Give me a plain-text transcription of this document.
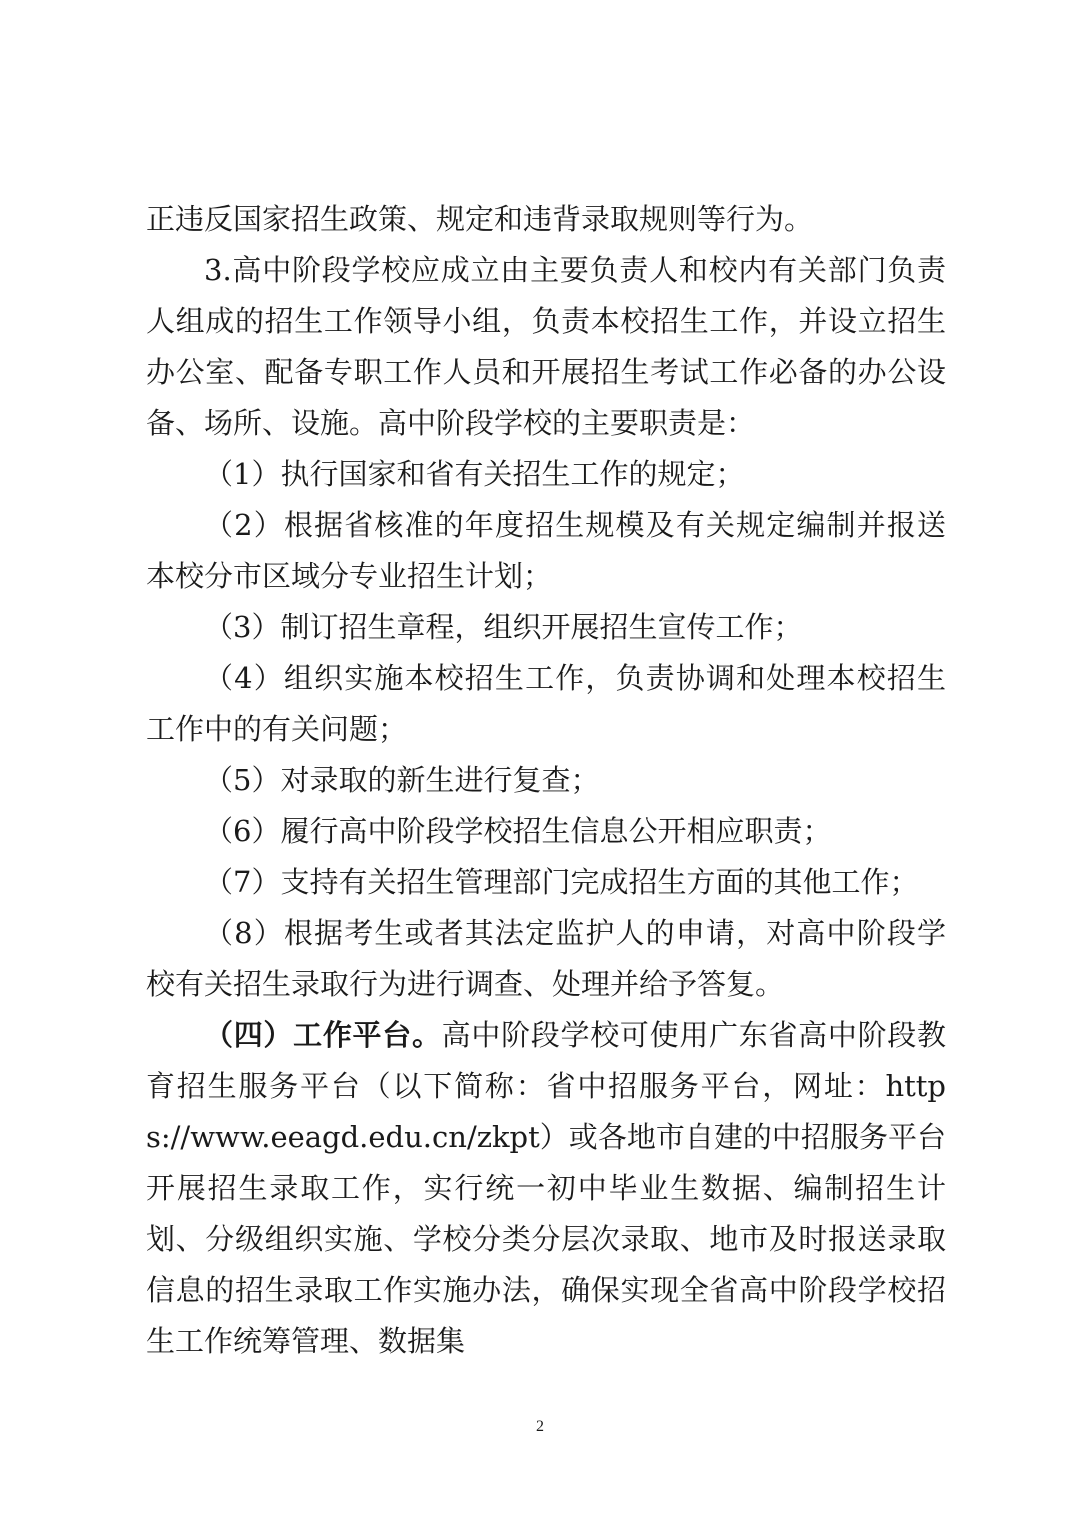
正违反国家招生政策、规定和违背录取规则等行为。

3.高中阶段学校应成立由主要负责人和校内有关部门负责人组成的招生工作领导小组，负责本校招生工作，并设立招生办公室、配备专职工作人员和开展招生考试工作必备的办公设备、场所、设施。高中阶段学校的主要职责是：

（1）执行国家和省有关招生工作的规定；

（2）根据省核准的年度招生规模及有关规定编制并报送本校分市区域分专业招生计划；

（3）制订招生章程，组织开展招生宣传工作；

（4）组织实施本校招生工作，负责协调和处理本校招生工作中的有关问题；

（5）对录取的新生进行复查；

（6）履行高中阶段学校招生信息公开相应职责；

（7）支持有关招生管理部门完成招生方面的其他工作；

（8）根据考生或者其法定监护人的申请，对高中阶段学校有关招生录取行为进行调查、处理并给予答复。

（四）工作平台。高中阶段学校可使用广东省高中阶段教育招生服务平台（以下简称：省中招服务平台，网址：https://www.eeagd.edu.cn/zkpt）或各地市自建的中招服务平台开展招生录取工作，实行统一初中毕业生数据、编制招生计划、分级组织实施、学校分类分层次录取、地市及时报送录取信息的招生录取工作实施办法，确保实现全省高中阶段学校招生工作统筹管理、数据集

2
